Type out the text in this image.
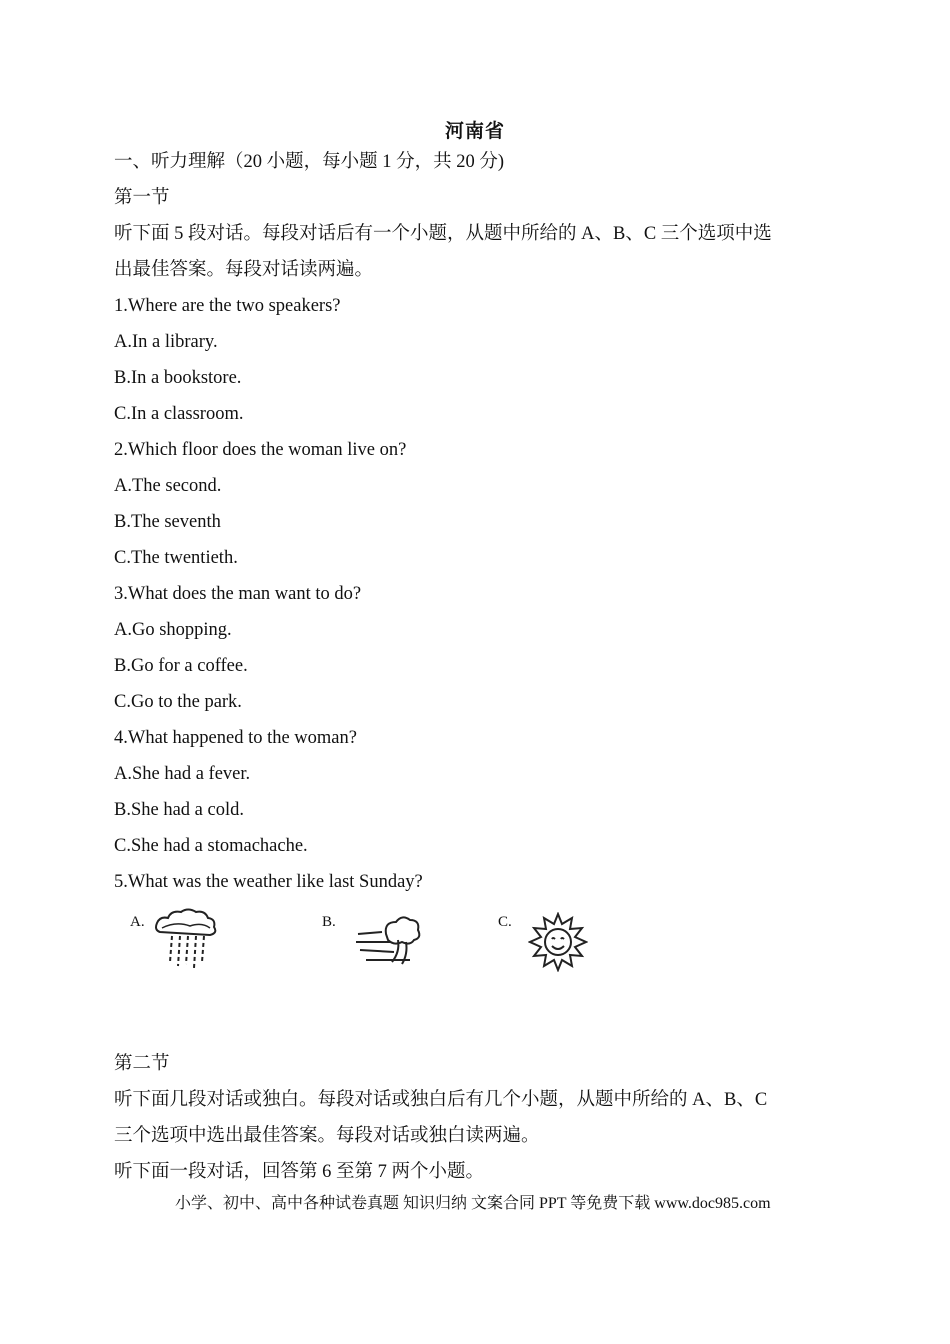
河南省
一、听力理解（20 小题，每小题 1 分，共 20 分)
第一节
听下面 5 段对话。每段对话后有一个小题，从题中所给的 A、B、C 三个选项中选
出最佳答案。每段对话读两遍。
1.Where are the two speakers?
A.In a library.
B.In a bookstore.
C.In a classroom.
2.Which floor does the woman live on?
A.The second.
B.The seventh
C.The twentieth.
3.What does the man want to do?
A.Go shopping.
B.Go for a coffee.
C.Go to the park.
4.What happened to the woman?
A.She had a fever.
B.She had a cold.
C.She had a stomachache.
5.What was the weather like last Sunday?
A.	B.	C.
第二节
听下面几段对话或独白。每段对话或独白后有几个小题，从题中所给的 A、B、C
三个选项中选出最佳答案。每段对话或独白读两遍。
听下面一段对话，回答第 6 至第 7 两个小题。
小学、初中、高中各种试卷真题 知识归纳 文案合同 PPT 等免费下载 www.doc985.com
